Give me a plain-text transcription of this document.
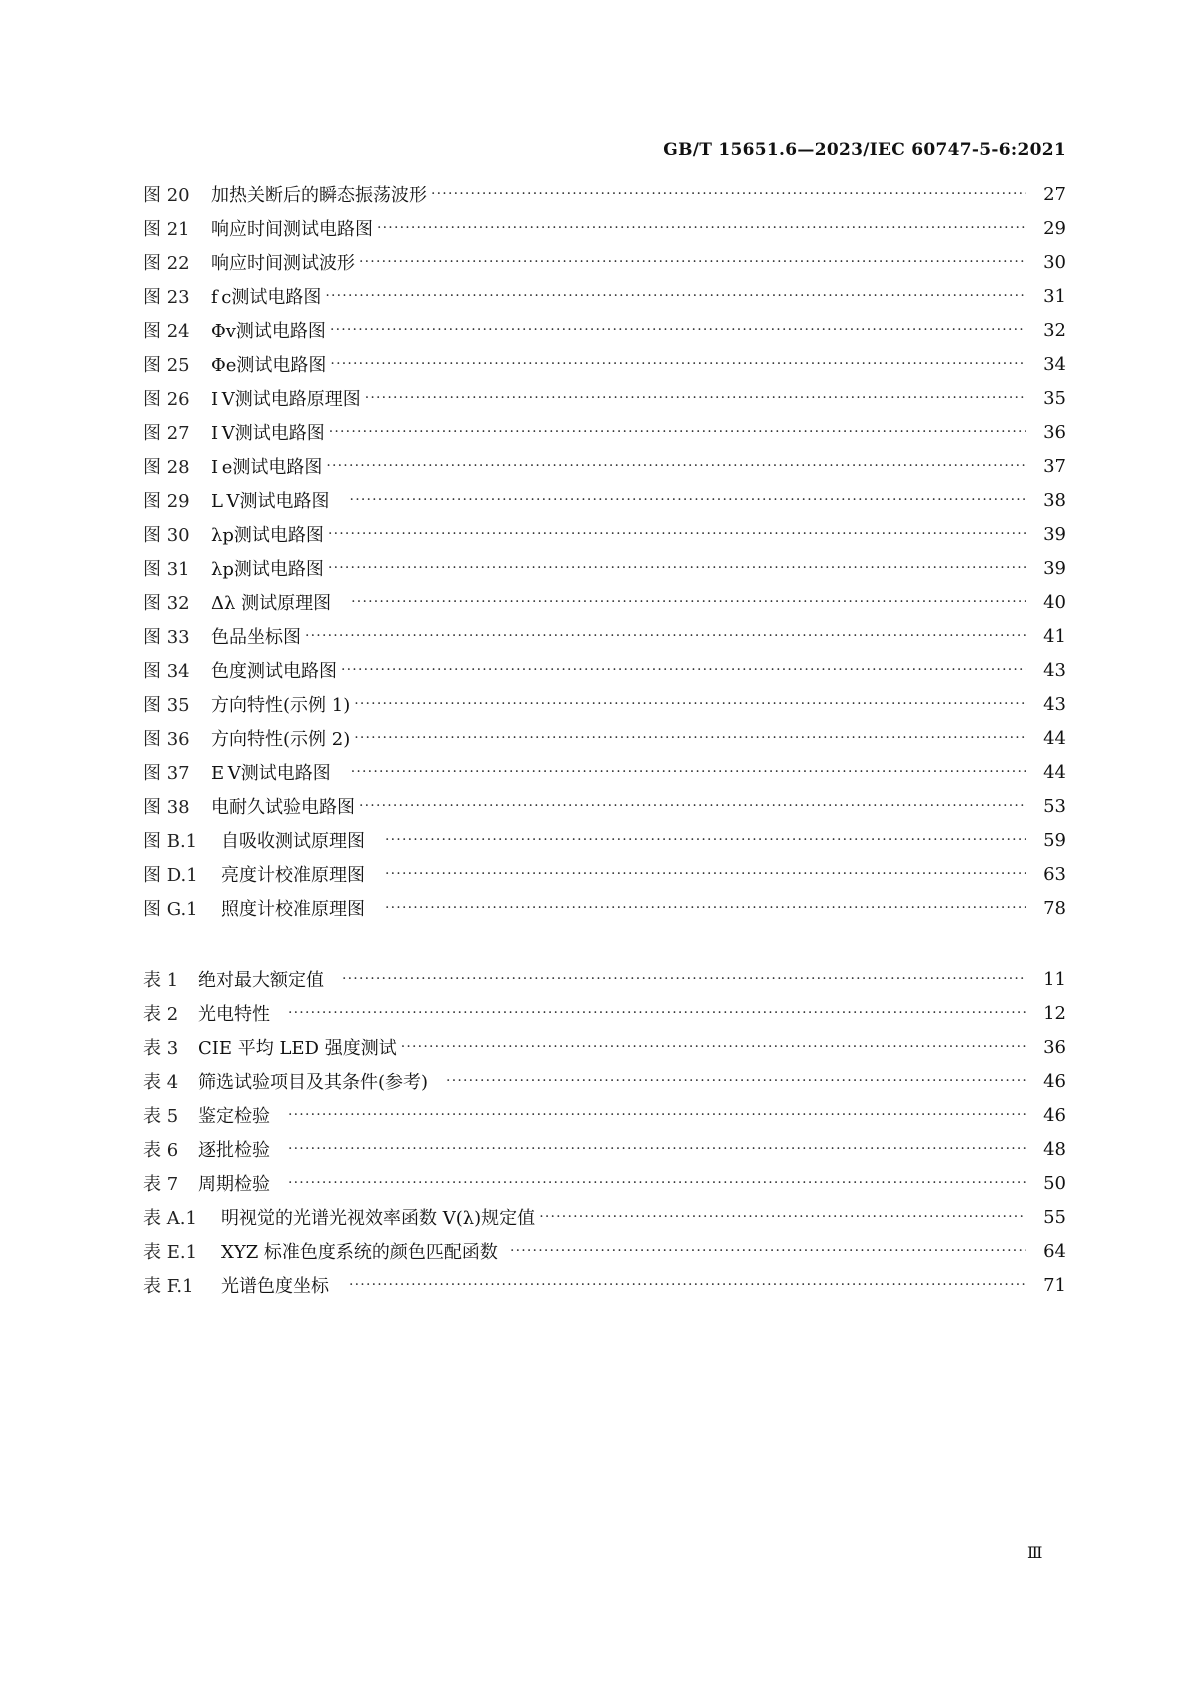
GB/T 15651.6—2023/IEC 60747-5-6:2021
图 20	加热关断后的瞬态振荡波形 ·····	27
图 21	响应时间测试电路图 ·····	29
图 22	响应时间测试波形 ·····	30
图 23	f c测试电路图 ·····	31
图 24	Φv测试电路图 ·····	32
图 25	Φe测试电路图 ·····	34
图 26	I V测试电路原理图 ·····	35
图 27	I V测试电路图 ·····	36
图 28	I e测试电路图 ·····	37
图 29	L V测试电路图 ·····	38
图 30	λp测试电路图 ·····	39
图 31	λp测试电路图 ·····	39
图 32	Δλ 测试原理图 ·····	40
图 33	色品坐标图 ·····	41
图 34	色度测试电路图 ·····	43
图 35	方向特性(示例 1) ·····	43
图 36	方向特性(示例 2) ·····	44
图 37	E V测试电路图 ·····	44
图 38	电耐久试验电路图 ·····	53
图 B.1	自吸收测试原理图 ·····	59
图 D.1	亮度计校准原理图 ·····	63
图 G.1	照度计校准原理图 ·····	78
表 1	绝对最大额定值 ·····	11
表 2	光电特性 ·····	12
表 3	CIE 平均 LED 强度测试 ·····	36
表 4	筛选试验项目及其条件(参考) ·····	46
表 5	鉴定检验 ·····	46
表 6	逐批检验 ·····	48
表 7	周期检验 ·····	50
表 A.1	明视觉的光谱光视效率函数 V(λ)规定值 ·····	55
表 E.1	XYZ 标准色度系统的颜色匹配函数 ·····	64
表 F.1	光谱色度坐标 ·····	71
Ⅲ
